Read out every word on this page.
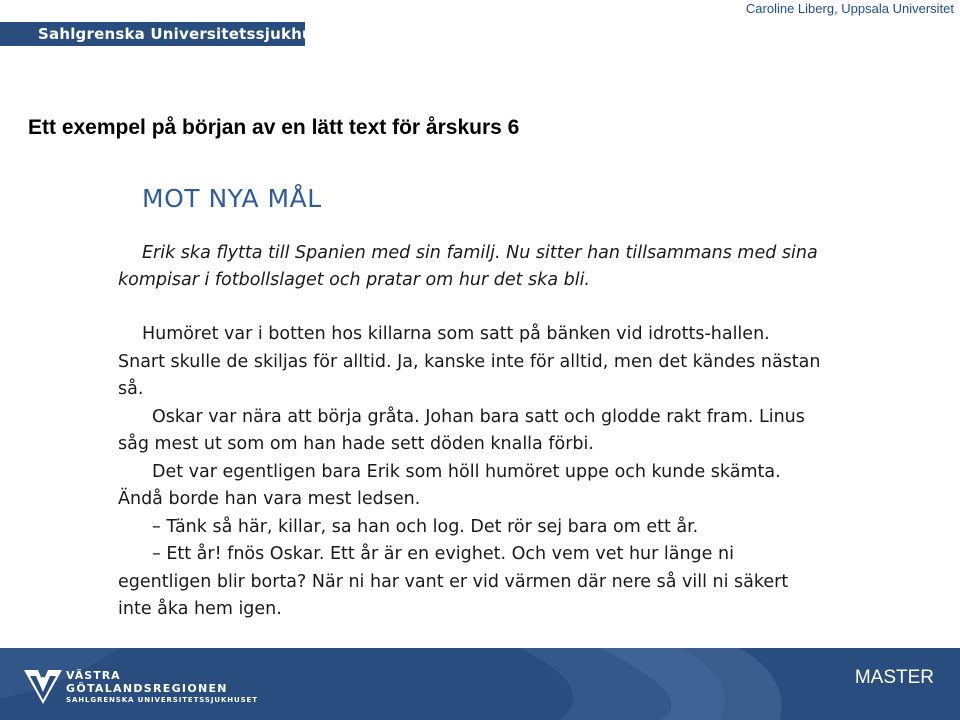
Sahlgrenska Universitetssjukhuset
Caroline Liberg, Uppsala Universitet
Ett exempel på början av en lätt text för årskurs 6
MOT NYA MÅL
Erik ska flytta till Spanien med sin familj. Nu sitter han tillsammans med sina
kompisar i fotbollslaget och pratar om hur det ska bli.
Humöret var i botten hos killarna som satt på bänken vid idrotts-hallen.
Snart skulle de skiljas för alltid. Ja, kanske inte för alltid, men det kändes nästan
så.
Oskar var nära att börja gråta. Johan bara satt och glodde rakt fram. Linus
såg mest ut som om han hade sett döden knalla förbi.
Det var egentligen bara Erik som höll humöret uppe och kunde skämta.
Ändå borde han vara mest ledsen.
– Tänk så här, killar, sa han och log. Det rör sej bara om ett år.
– Ett år! fnös Oskar. Ett år är en evighet. Och vem vet hur länge ni
egentligen blir borta? När ni har vant er vid värmen där nere så vill ni säkert
inte åka hem igen.
VÄSTRA
GÖTALANDSREGIONEN
SAHLGRENSKA UNIVERSITETSSJUKHUSET
MASTER
